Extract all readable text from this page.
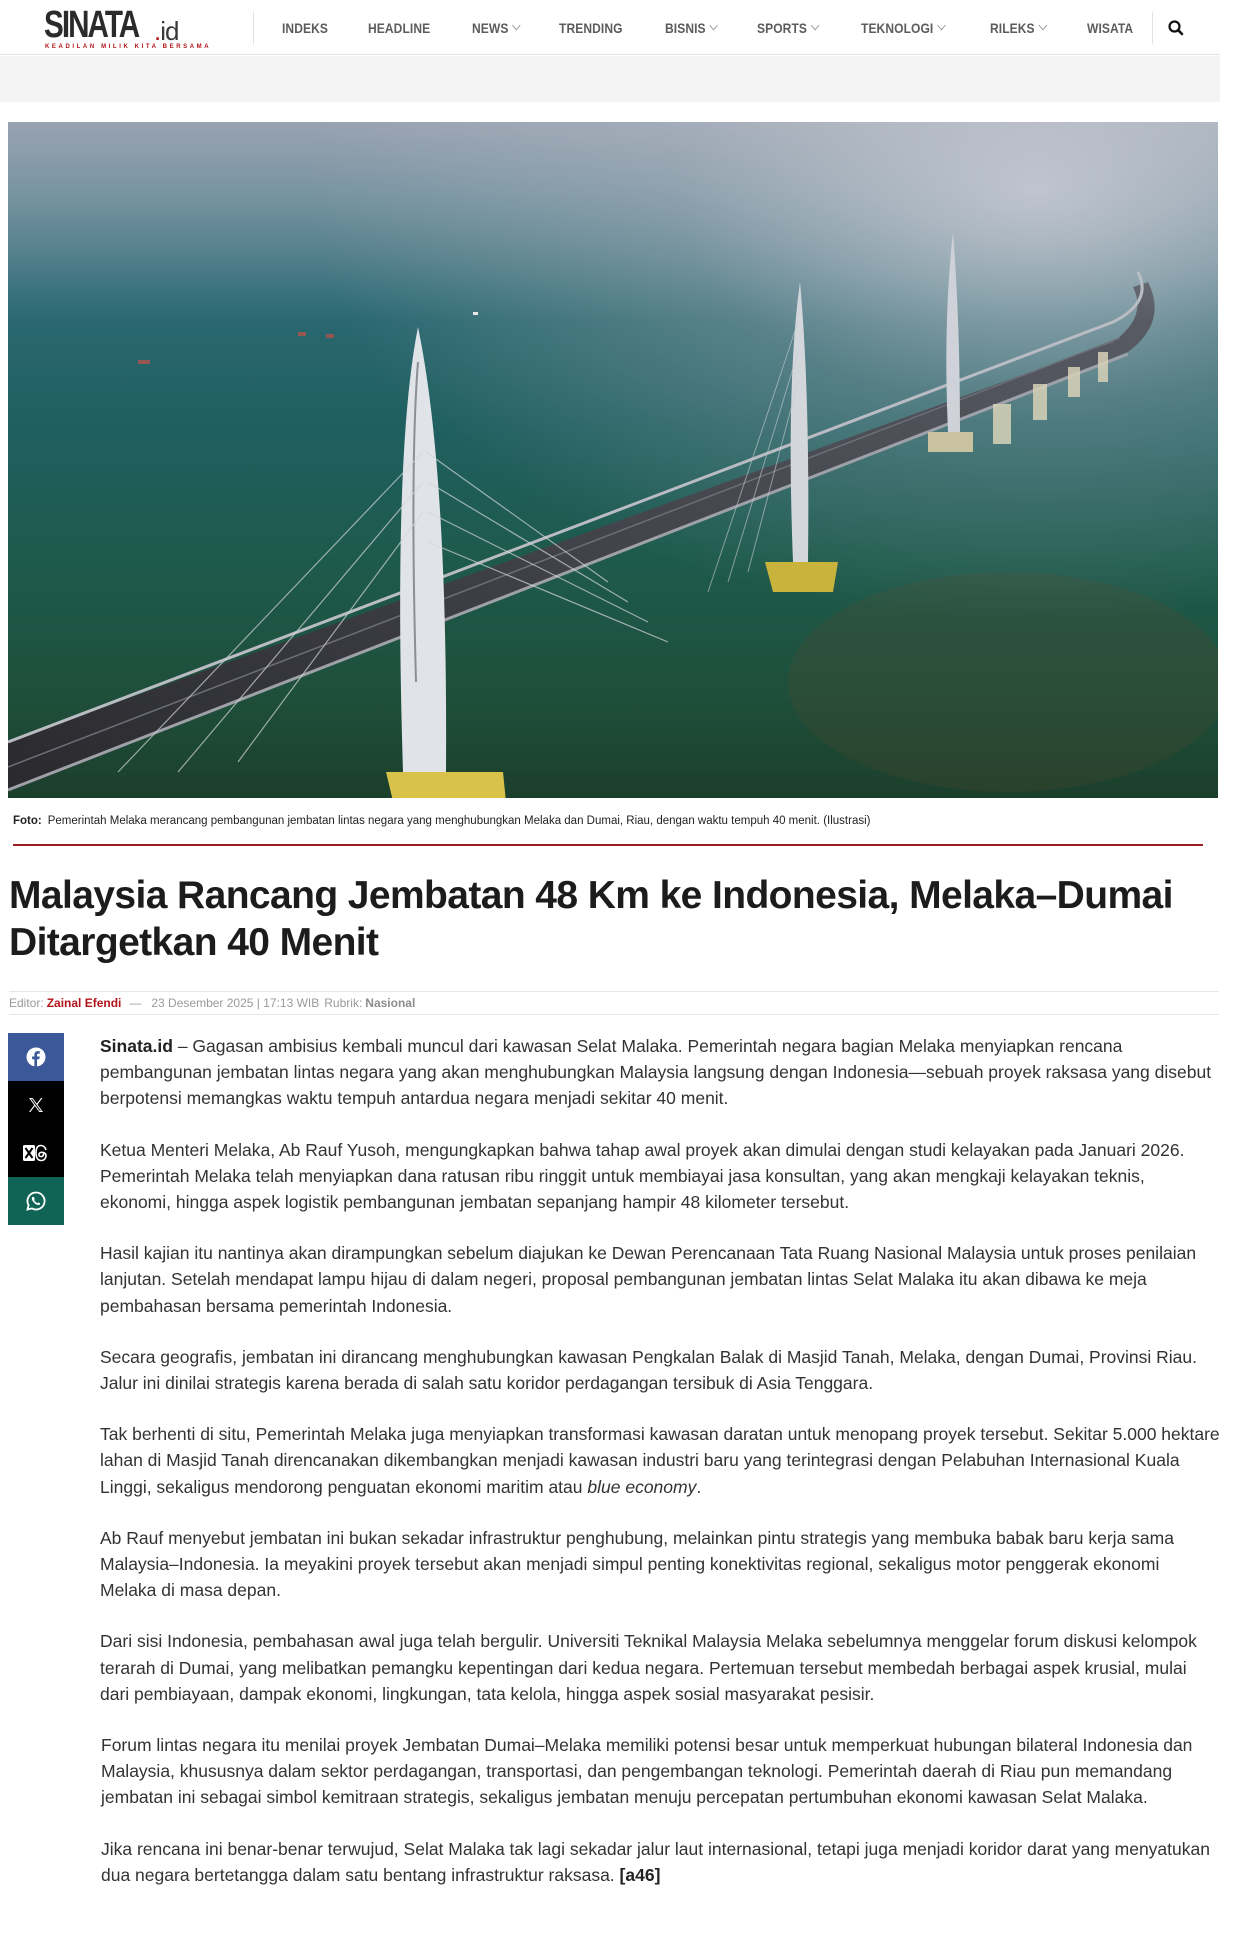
SINATA .id
KEADILAN MILIK KITA BERSAMA
INDEKS	HEADLINE	NEWS	TRENDING	BISNIS	SPORTS	TEKNOLOGI	RILEKS	WISATA
Foto: Pemerintah Melaka merancang pembangunan jembatan lintas negara yang menghubungkan Melaka dan Dumai, Riau, dengan waktu tempuh 40 menit. (Ilustrasi)
Malaysia Rancang Jembatan 48 Km ke Indonesia, Melaka–Dumai Ditargetkan 40 Menit
Editor: Zainal Efendi — 23 Desember 2025 | 17:13 WIB Rubrik: Nasional

Sinata.id – Gagasan ambisius kembali muncul dari kawasan Selat Malaka. Pemerintah negara bagian Melaka menyiapkan rencana pembangunan jembatan lintas negara yang akan menghubungkan Malaysia langsung dengan Indonesia—sebuah proyek raksasa yang disebut berpotensi memangkas waktu tempuh antardua negara menjadi sekitar 40 menit.

Ketua Menteri Melaka, Ab Rauf Yusoh, mengungkapkan bahwa tahap awal proyek akan dimulai dengan studi kelayakan pada Januari 2026. Pemerintah Melaka telah menyiapkan dana ratusan ribu ringgit untuk membiayai jasa konsultan, yang akan mengkaji kelayakan teknis, ekonomi, hingga aspek logistik pembangunan jembatan sepanjang hampir 48 kilometer tersebut.

Hasil kajian itu nantinya akan dirampungkan sebelum diajukan ke Dewan Perencanaan Tata Ruang Nasional Malaysia untuk proses penilaian lanjutan. Setelah mendapat lampu hijau di dalam negeri, proposal pembangunan jembatan lintas Selat Malaka itu akan dibawa ke meja pembahasan bersama pemerintah Indonesia.

Secara geografis, jembatan ini dirancang menghubungkan kawasan Pengkalan Balak di Masjid Tanah, Melaka, dengan Dumai, Provinsi Riau. Jalur ini dinilai strategis karena berada di salah satu koridor perdagangan tersibuk di Asia Tenggara.

Tak berhenti di situ, Pemerintah Melaka juga menyiapkan transformasi kawasan daratan untuk menopang proyek tersebut. Sekitar 5.000 hektare lahan di Masjid Tanah direncanakan dikembangkan menjadi kawasan industri baru yang terintegrasi dengan Pelabuhan Internasional Kuala Linggi, sekaligus mendorong penguatan ekonomi maritim atau blue economy.

Ab Rauf menyebut jembatan ini bukan sekadar infrastruktur penghubung, melainkan pintu strategis yang membuka babak baru kerja sama Malaysia–Indonesia. Ia meyakini proyek tersebut akan menjadi simpul penting konektivitas regional, sekaligus motor penggerak ekonomi Melaka di masa depan.

Dari sisi Indonesia, pembahasan awal juga telah bergulir. Universiti Teknikal Malaysia Melaka sebelumnya menggelar forum diskusi kelompok terarah di Dumai, yang melibatkan pemangku kepentingan dari kedua negara. Pertemuan tersebut membedah berbagai aspek krusial, mulai dari pembiayaan, dampak ekonomi, lingkungan, tata kelola, hingga aspek sosial masyarakat pesisir.

Forum lintas negara itu menilai proyek Jembatan Dumai–Melaka memiliki potensi besar untuk memperkuat hubungan bilateral Indonesia dan Malaysia, khususnya dalam sektor perdagangan, transportasi, dan pengembangan teknologi. Pemerintah daerah di Riau pun memandang jembatan ini sebagai simbol kemitraan strategis, sekaligus jembatan menuju percepatan pertumbuhan ekonomi kawasan Selat Malaka.

Jika rencana ini benar-benar terwujud, Selat Malaka tak lagi sekadar jalur laut internasional, tetapi juga menjadi koridor darat yang menyatukan dua negara bertetangga dalam satu bentang infrastruktur raksasa. [a46]
